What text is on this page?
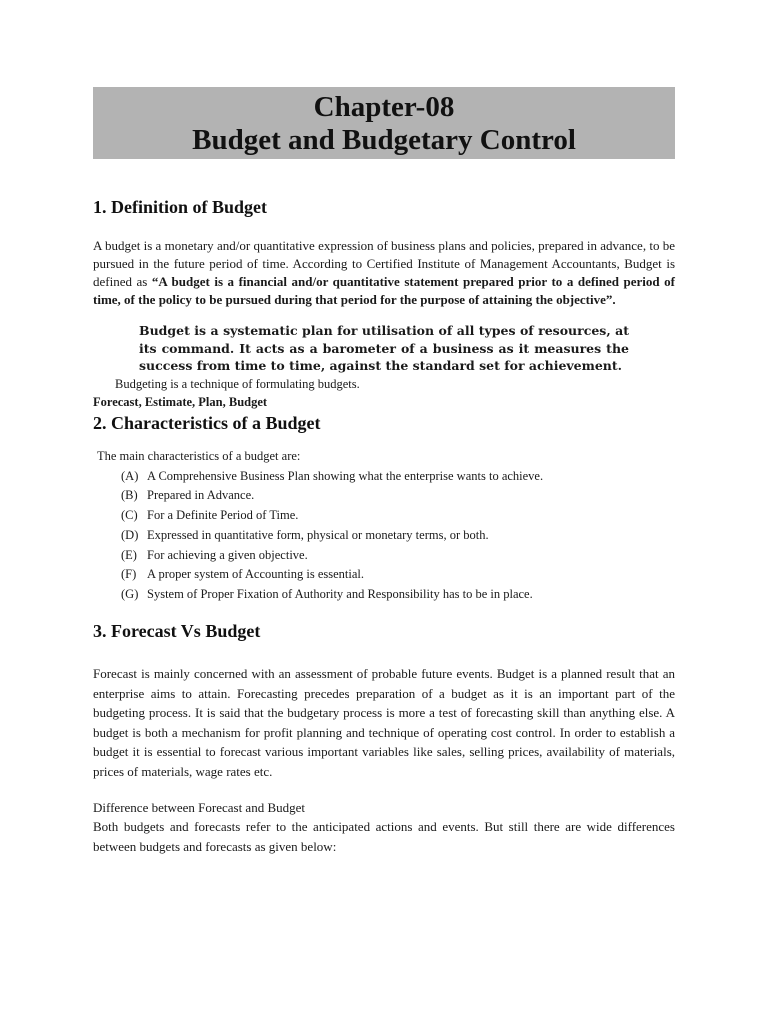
Chapter-08
Budget and Budgetary Control
1. Definition of Budget

A budget is a monetary and/or quantitative expression of business plans and policies, prepared in advance, to be pursued in the future period of time. According to Certified Institute of Management Accountants, Budget is defined as “A budget is a financial and/or quantitative statement prepared prior to a defined period of time, of the policy to be pursued during that period for the purpose of attaining the objective”.

Budget is a systematic plan for utilisation of all types of resources, at its command. It acts as a barometer of a business as it measures the success from time to time, against the standard set for achievement.

Budgeting is a technique of formulating budgets.

Forecast, Estimate, Plan, Budget

2. Characteristics of a Budget

The main characteristics of a budget are:

(A) A Comprehensive Business Plan showing what the enterprise wants to achieve.
(B) Prepared in Advance.
(C) For a Definite Period of Time.
(D) Expressed in quantitative form, physical or monetary terms, or both.
(E) For achieving a given objective.
(F) A proper system of Accounting is essential.
(G) System of Proper Fixation of Authority and Responsibility has to be in place.
3. Forecast Vs Budget

Forecast is mainly concerned with an assessment of probable future events. Budget is a planned result that an enterprise aims to attain. Forecasting precedes preparation of a budget as it is an important part of the budgeting process. It is said that the budgetary process is more a test of forecasting skill than anything else. A budget is both a mechanism for profit planning and technique of operating cost control. In order to establish a budget it is essential to forecast various important variables like sales, selling prices, availability of materials, prices of materials, wage rates etc.

Difference between Forecast and Budget

Both budgets and forecasts refer to the anticipated actions and events. But still there are wide differences between budgets and forecasts as given below:
